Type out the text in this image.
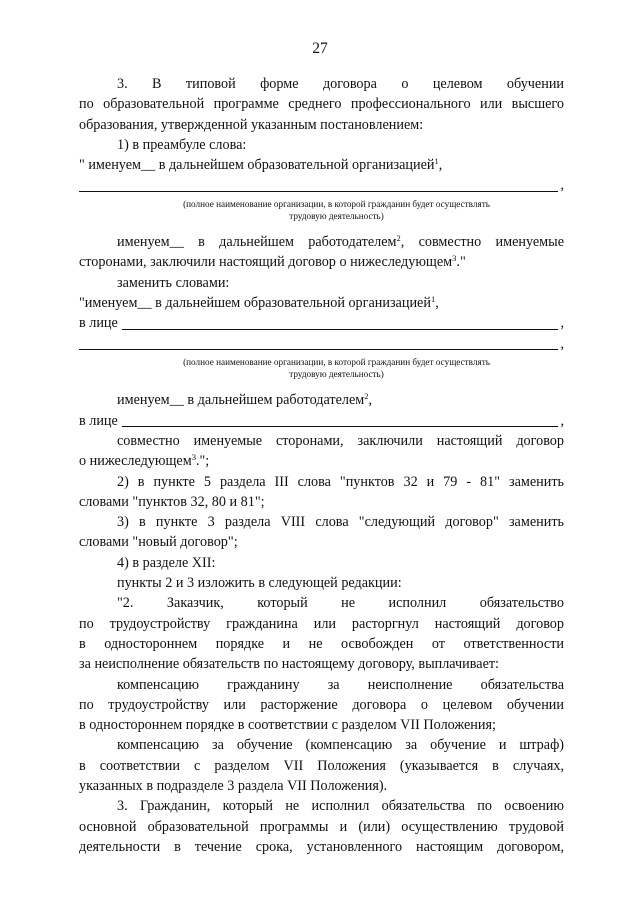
27

3. В типовой форме договора о целевом обучении

по образовательной программе среднего профессионального или высшего

образования, утвержденной указанным постановлением:

1) в преамбуле слова:

" именуем__ в дальнейшем образовательной организацией$^1$,

,
(полное наименование организации, в которой гражданин будет осуществлять
трудовую деятельность)

именуем__ в дальнейшем работодателем$^2$, совместно именуемые

сторонами, заключили настоящий договор о нижеследующем$^3$."

заменить словами:

"именуем__ в дальнейшем образовательной организацией$^1$,

в лице	,
,
(полное наименование организации, в которой гражданин будет осуществлять
трудовую деятельность)

именуем__ в дальнейшем работодателем$^2$,

в лице	,

совместно именуемые сторонами, заключили настоящий договор

о нижеследующем$^3$.";

2) в пункте 5 раздела III слова "пунктов 32 и 79 - 81" заменить

словами "пунктов 32, 80 и 81";

3) в пункте 3 раздела VIII слова "следующий договор" заменить

словами "новый договор";

4) в разделе XII:

пункты 2 и 3 изложить в следующей редакции:

"2. Заказчик, который не исполнил обязательство

по трудоустройству гражданина или расторгнул настоящий договор

в одностороннем порядке и не освобожден от ответственности

за неисполнение обязательств по настоящему договору, выплачивает:

компенсацию гражданину за неисполнение обязательства

по трудоустройству или расторжение договора о целевом обучении

в одностороннем порядке в соответствии с разделом VII Положения;

компенсацию за обучение (компенсацию за обучение и штраф)

в соответствии с разделом VII Положения (указывается в случаях,

указанных в подразделе 3 раздела VII Положения).

3. Гражданин, который не исполнил обязательства по освоению

основной образовательной программы и (или) осуществлению трудовой

деятельности в течение срока, установленного настоящим договором,
